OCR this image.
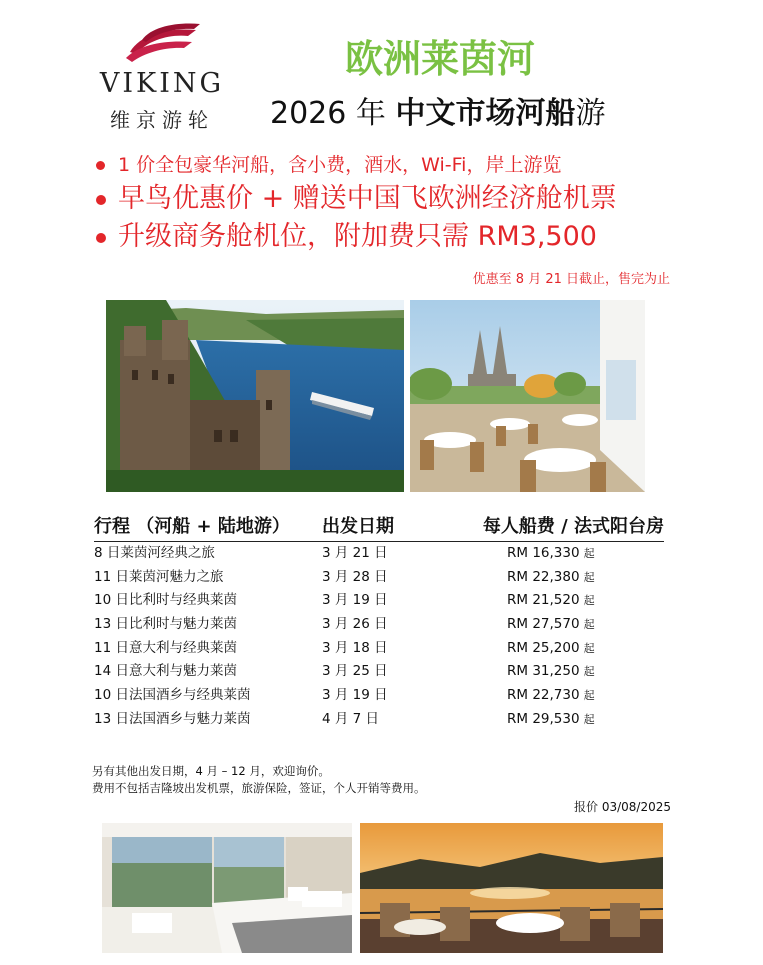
VIKING
维京游轮
欧洲莱茵河
2026 年 中文市场河船游
1 价全包豪华河船，含小费，酒水，Wi-Fi，岸上游览
早鸟优惠价 + 赠送中国飞欧洲经济舱机票
升级商务舱机位，附加费只需 RM3,500
优惠至 8 月 21 日截止，售完为止
行程 （河船 + 陆地游）	出发日期	每人船费 / 法式阳台房
8 日莱茵河经典之旅	3 月 21 日	RM 16,330 起
11 日莱茵河魅力之旅	3 月 28 日	RM 22,380 起
10 日比利时与经典莱茵	3 月 19 日	RM 21,520 起
13 日比利时与魅力莱茵	3 月 26 日	RM 27,570 起
11 日意大利与经典莱茵	3 月 18 日	RM 25,200 起
14 日意大利与魅力莱茵	3 月 25 日	RM 31,250 起
10 日法国酒乡与经典莱茵	3 月 19 日	RM 22,730 起
13 日法国酒乡与魅力莱茵	4 月 7 日	RM 29,530 起
另有其他出发日期，4 月 – 12 月，欢迎询价。
费用不包括吉隆坡出发机票，旅游保险，签证，个人开销等费用。
报价 03/08/2025
